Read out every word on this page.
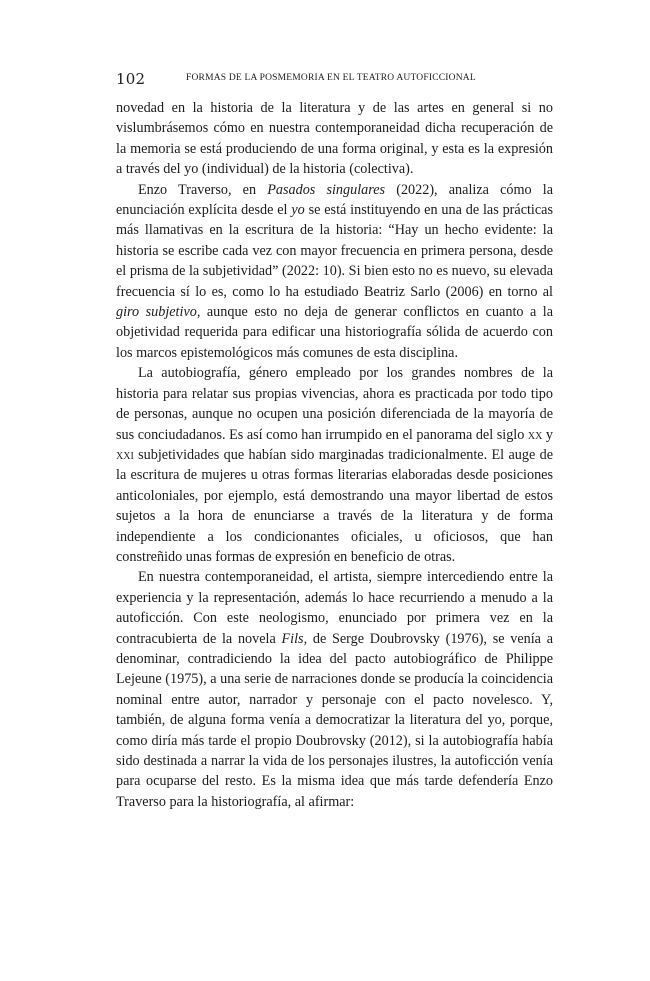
102	FORMAS DE LA POSMEMORIA EN EL TEATRO AUTOFICCIONAL

novedad en la historia de la literatura y de las artes en general si no vislumbrásemos cómo en nuestra contemporaneidad dicha recuperación de la memoria se está produciendo de una forma original, y esta es la expresión a través del yo (individual) de la historia (colectiva).

Enzo Traverso, en Pasados singulares (2022), analiza cómo la enunciación explícita desde el yo se está instituyendo en una de las prácticas más llamativas en la escritura de la historia: “Hay un hecho evidente: la historia se escribe cada vez con mayor frecuencia en primera persona, desde el prisma de la subjetividad” (2022: 10). Si bien esto no es nuevo, su elevada frecuencia sí lo es, como lo ha estudiado Beatriz Sarlo (2006) en torno al giro subjetivo, aunque esto no deja de generar conflictos en cuanto a la objetividad requerida para edificar una historiografía sólida de acuerdo con los marcos epistemológicos más comunes de esta disciplina.

La autobiografía, género empleado por los grandes nombres de la historia para relatar sus propias vivencias, ahora es practicada por todo tipo de personas, aunque no ocupen una posición diferenciada de la mayoría de sus conciudadanos. Es así como han irrumpido en el panorama del siglo xx y xxi subjetividades que habían sido marginadas tradicionalmente. El auge de la escritura de mujeres u otras formas literarias elaboradas desde posiciones anticoloniales, por ejemplo, está demostrando una mayor libertad de estos sujetos a la hora de enunciarse a través de la literatura y de forma independiente a los condicionantes oficiales, u oficiosos, que han constreñido unas formas de expresión en beneficio de otras.

En nuestra contemporaneidad, el artista, siempre intercediendo entre la experiencia y la representación, además lo hace recurriendo a menudo a la autoficción. Con este neologismo, enunciado por primera vez en la contracubierta de la novela Fils, de Serge Doubrovsky (1976), se venía a denominar, contradiciendo la idea del pacto autobiográfico de Philippe Lejeune (1975), a una serie de narraciones donde se producía la coincidencia nominal entre autor, narrador y personaje con el pacto novelesco. Y, también, de alguna forma venía a democratizar la literatura del yo, porque, como diría más tarde el propio Doubrovsky (2012), si la autobiografía había sido destinada a narrar la vida de los personajes ilustres, la autoficción venía para ocuparse del resto. Es la misma idea que más tarde defendería Enzo Traverso para la historiografía, al afirmar:
